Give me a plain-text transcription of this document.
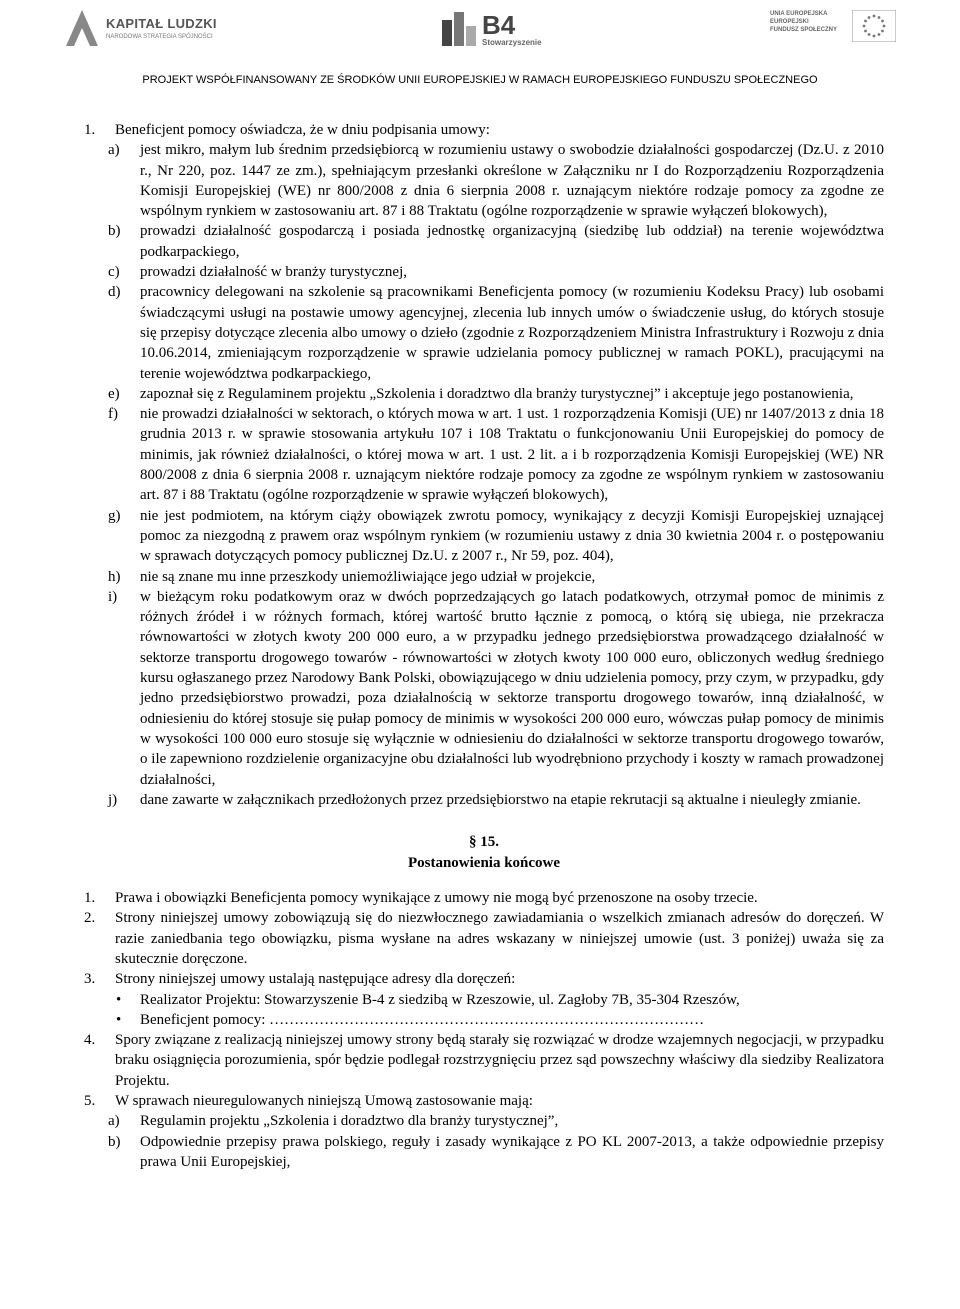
KAPITAŁ LUDZKI
NARODOWA STRATEGIA SPÓJNOŚCI	B4
Stowarzyszenie
UNIA EUROPEJSKA
EUROPEJSKI
FUNDUSZ SPOŁECZNY
PROJEKT WSPÓŁFINANSOWANY ZE ŚRODKÓW UNII EUROPEJSKIEJ W RAMACH EUROPEJSKIEGO FUNDUSZU SPOŁECZNEGO
1. Beneficjent pomocy oświadcza, że w dniu podpisania umowy:
a) jest mikro, małym lub średnim przedsiębiorcą w rozumieniu ustawy o swobodzie działalności gospodarczej (Dz.U. z 2010 r., Nr 220, poz. 1447 ze zm.), spełniającym przesłanki określone w Załączniku nr I do Rozporządzeniu Rozporządzenia Komisji Europejskiej (WE) nr 800/2008 z dnia 6 sierpnia 2008 r. uznającym niektóre rodzaje pomocy za zgodne ze wspólnym rynkiem w zastosowaniu art. 87 i 88 Traktatu (ogólne rozporządzenie w sprawie wyłączeń blokowych),
b) prowadzi działalność gospodarczą i posiada jednostkę organizacyjną (siedzibę lub oddział) na terenie województwa podkarpackiego,
c) prowadzi działalność w branży turystycznej,
d) pracownicy delegowani na szkolenie są pracownikami Beneficjenta pomocy (w rozumieniu Kodeksu Pracy) lub osobami świadczącymi usługi na postawie umowy agencyjnej, zlecenia lub innych umów o świadczenie usług, do których stosuje się przepisy dotyczące zlecenia albo umowy o dzieło (zgodnie z Rozporządzeniem Ministra Infrastruktury i Rozwoju z dnia 10.06.2014, zmieniającym rozporządzenie w sprawie udzielania pomocy publicznej w ramach POKL), pracującymi na terenie województwa podkarpackiego,
e) zapoznał się z Regulaminem projektu „Szkolenia i doradztwo dla branży turystycznej” i akceptuje jego postanowienia,
f) nie prowadzi działalności w sektorach, o których mowa w art. 1 ust. 1 rozporządzenia Komisji (UE) nr 1407/2013 z dnia 18 grudnia 2013 r. w sprawie stosowania artykułu 107 i 108 Traktatu o funkcjonowaniu Unii Europejskiej do pomocy de minimis, jak również działalności, o której mowa w art. 1 ust. 2 lit. a i b rozporządzenia Komisji Europejskiej (WE) NR 800/2008 z dnia 6 sierpnia 2008 r. uznającym niektóre rodzaje pomocy za zgodne ze wspólnym rynkiem w zastosowaniu art. 87 i 88 Traktatu (ogólne rozporządzenie w sprawie wyłączeń blokowych),
g) nie jest podmiotem, na którym ciąży obowiązek zwrotu pomocy, wynikający z decyzji Komisji Europejskiej uznającej pomoc za niezgodną z prawem oraz wspólnym rynkiem (w rozumieniu ustawy z dnia 30 kwietnia 2004 r. o postępowaniu w sprawach dotyczących pomocy publicznej Dz.U. z 2007 r., Nr 59, poz. 404),
h) nie są znane mu inne przeszkody uniemożliwiające jego udział w projekcie,
i) w bieżącym roku podatkowym oraz w dwóch poprzedzających go latach podatkowych, otrzymał pomoc de minimis z różnych źródeł i w różnych formach, której wartość brutto łącznie z pomocą, o którą się ubiega, nie przekracza równowartości w złotych kwoty 200 000 euro, a w przypadku jednego przedsiębiorstwa prowadzącego działalność w sektorze transportu drogowego towarów - równowartości w złotych kwoty 100 000 euro, obliczonych według średniego kursu ogłaszanego przez Narodowy Bank Polski, obowiązującego w dniu udzielenia pomocy, przy czym, w przypadku, gdy jedno przedsiębiorstwo prowadzi, poza działalnością w sektorze transportu drogowego towarów, inną działalność, w odniesieniu do której stosuje się pułap pomocy de minimis w wysokości 200 000 euro, wówczas pułap pomocy de minimis w wysokości 100 000 euro stosuje się wyłącznie w odniesieniu do działalności w sektorze transportu drogowego towarów, o ile zapewniono rozdzielenie organizacyjne obu działalności lub wyodrębniono przychody i koszty w ramach prowadzonej działalności,
j) dane zawarte w załącznikach przedłożonych przez przedsiębiorstwo na etapie rekrutacji są aktualne i nieuległy zmianie.
§ 15.
Postanowienia końcowe
1. Prawa i obowiązki Beneficjenta pomocy wynikające z umowy nie mogą być przenoszone na osoby trzecie.
2. Strony niniejszej umowy zobowiązują się do niezwłocznego zawiadamiania o wszelkich zmianach adresów do doręczeń. W razie zaniedbania tego obowiązku, pisma wysłane na adres wskazany w niniejszej umowie (ust. 3 poniżej) uważa się za skutecznie doręczone.
3. Strony niniejszej umowy ustalają następujące adresy dla doręczeń:
• Realizator Projektu: Stowarzyszenie B-4 z siedzibą w Rzeszowie, ul. Zagłoby 7B, 35-304 Rzeszów,
• Beneficjent pomocy: ……………………………………………………………………………
4. Spory związane z realizacją niniejszej umowy strony będą starały się rozwiązać w drodze wzajemnych negocjacji, w przypadku braku osiągnięcia porozumienia, spór będzie podlegał rozstrzygnięciu przez sąd powszechny właściwy dla siedziby Realizatora Projektu.
5. W sprawach nieuregulowanych niniejszą Umową zastosowanie mają:
a) Regulamin projektu „Szkolenia i doradztwo dla branży turystycznej”,
b) Odpowiednie przepisy prawa polskiego, reguły i zasady wynikające z PO KL 2007-2013, a także odpowiednie przepisy prawa Unii Europejskiej,
